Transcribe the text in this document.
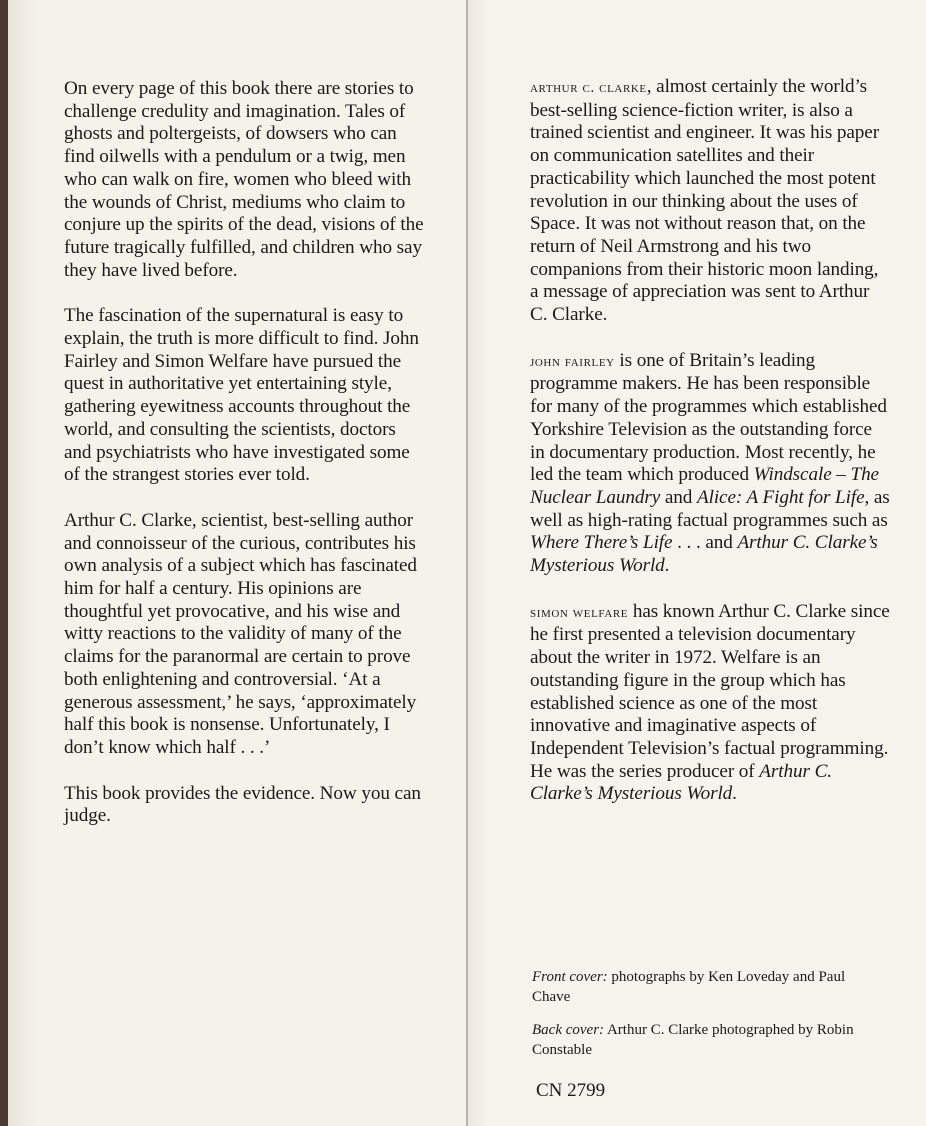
On every page of this book there are stories to challenge credulity and imagination. Tales of ghosts and poltergeists, of dowsers who can find oilwells with a pendulum or a twig, men who can walk on fire, women who bleed with the wounds of Christ, mediums who claim to conjure up the spirits of the dead, visions of the future tragically fulfilled, and children who say they have lived before.

The fascination of the supernatural is easy to explain, the truth is more difficult to find. John Fairley and Simon Welfare have pursued the quest in authoritative yet entertaining style, gathering eyewitness accounts throughout the world, and consulting the scientists, doctors and psychiatrists who have investigated some of the strangest stories ever told.

Arthur C. Clarke, scientist, best-selling author and connoisseur of the curious, contributes his own analysis of a subject which has fascinated him for half a century. His opinions are thoughtful yet provocative, and his wise and witty reactions to the validity of many of the claims for the paranormal are certain to prove both enlightening and controversial. ‘At a generous assessment,’ he says, ‘approximately half this book is nonsense. Unfortunately, I don’t know which half . . .’

This book provides the evidence. Now you can judge.

arthur c. clarke, almost certainly the world’s best-selling science-fiction writer, is also a trained scientist and engineer. It was his paper on communication satellites and their practicability which launched the most potent revolution in our thinking about the uses of Space. It was not without reason that, on the return of Neil Armstrong and his two companions from their historic moon landing, a message of appreciation was sent to Arthur C. Clarke.

john fairley is one of Britain’s leading programme makers. He has been responsible for many of the programmes which established Yorkshire Television as the outstanding force in documentary production. Most recently, he led the team which produced Windscale – The Nuclear Laundry and Alice: A Fight for Life, as well as high-rating factual programmes such as Where There’s Life . . . and Arthur C. Clarke’s Mysterious World.

simon welfare has known Arthur C. Clarke since he first presented a television documentary about the writer in 1972. Welfare is an outstanding figure in the group which has established science as one of the most innovative and imaginative aspects of Independent Television’s factual programming. He was the series producer of Arthur C. Clarke’s Mysterious World.

Front cover: photographs by Ken Loveday and Paul Chave

Back cover: Arthur C. Clarke photographed by Robin Constable

CN 2799
